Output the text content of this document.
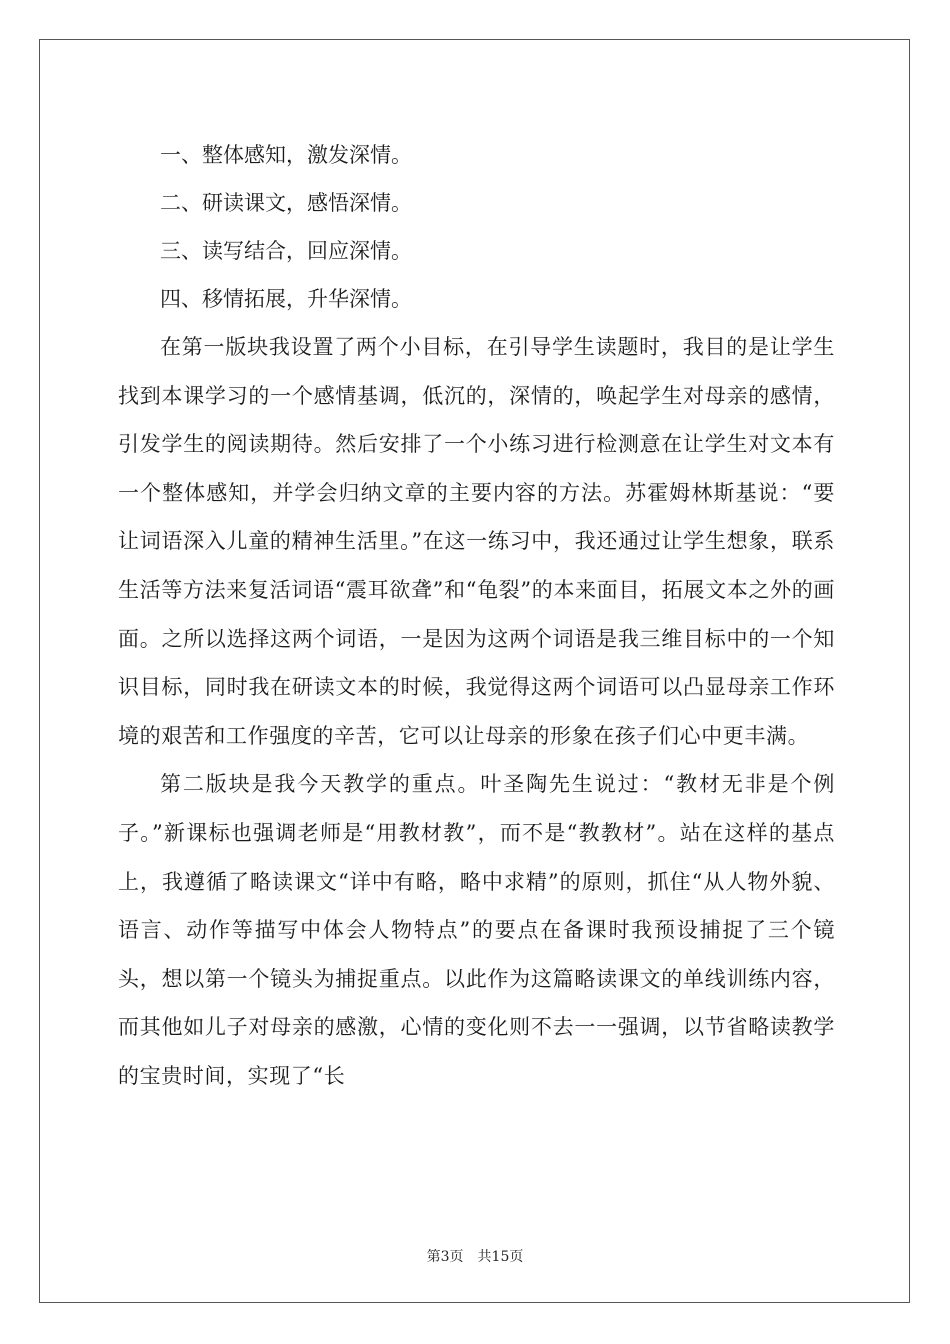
一、整体感知，激发深情。

二、研读课文，感悟深情。

三、读写结合，回应深情。

四、移情拓展，升华深情。

在第一版块我设置了两个小目标，在引导学生读题时，我目的是让学生找到本课学习的一个感情基调，低沉的，深情的，唤起学生对母亲的感情，引发学生的阅读期待。然后安排了一个小练习进行检测意在让学生对文本有一个整体感知，并学会归纳文章的主要内容的方法。苏霍姆林斯基说：“要让词语深入儿童的精神生活里。”在这一练习中，我还通过让学生想象，联系生活等方法来复活词语“震耳欲聋”和“龟裂”的本来面目，拓展文本之外的画面。之所以选择这两个词语，一是因为这两个词语是我三维目标中的一个知识目标，同时我在研读文本的时候，我觉得这两个词语可以凸显母亲工作环境的艰苦和工作强度的辛苦，它可以让母亲的形象在孩子们心中更丰满。

第二版块是我今天教学的重点。叶圣陶先生说过：“教材无非是个例子。”新课标也强调老师是“用教材教”，而不是“教教材”。站在这样的基点上，我遵循了略读课文“详中有略，略中求精”的原则，抓住“从人物外貌、语言、动作等描写中体会人物特点”的要点在备课时我预设捕捉了三个镜头，想以第一个镜头为捕捉重点。以此作为这篇略读课文的单线训练内容，而其他如儿子对母亲的感激，心情的变化则不去一一强调，以节省略读教学的宝贵时间，实现了“长

第3页 共15页
